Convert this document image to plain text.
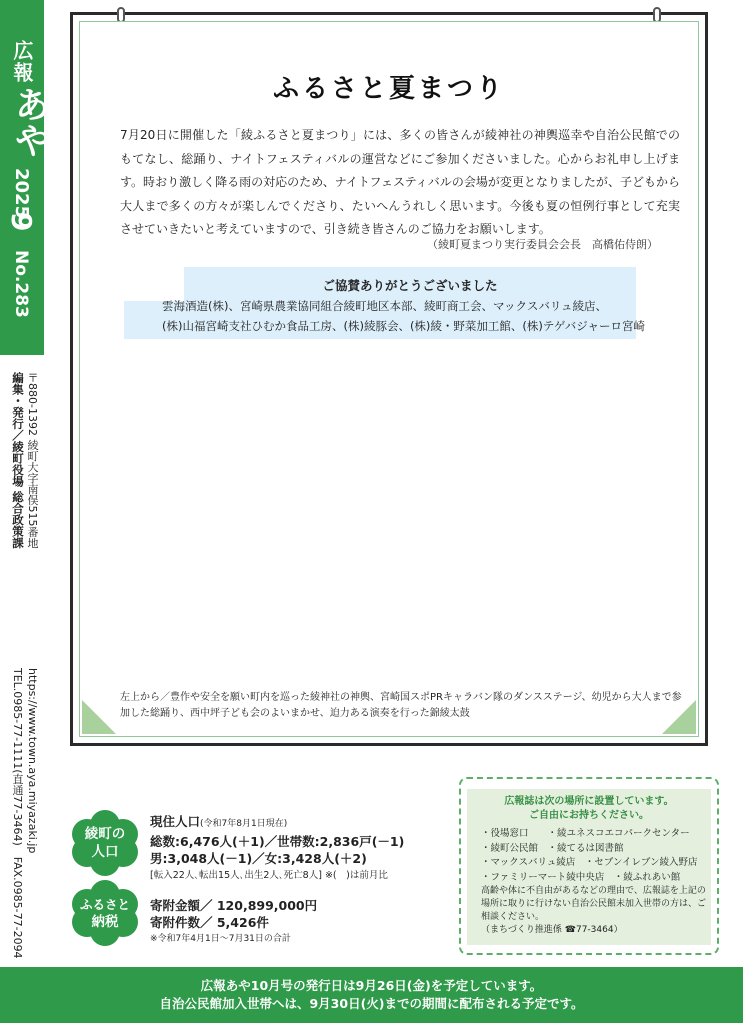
広報
あや
2025
9
No.283
編集・発行／綾町役場 総合政策課 〒880-1392 綾町大字南俣515番地
TEL.0985-77-1111(直通77-3464)　FAX.0985-77-2094 https://www.town.aya.miyazaki.jp
ふるさと夏まつり
7月20日に開催した「綾ふるさと夏まつり」には、多くの皆さんが綾神社の神輿巡幸や自治公民館でのもてなし、総踊り、ナイトフェスティバルの運営などにご参加くださいました。心からお礼申し上げます。時おり激しく降る雨の対応のため、ナイトフェスティバルの会場が変更となりましたが、子どもから大人まで多くの方々が楽しんでくださり、たいへんうれしく思います。今後も夏の恒例行事として充実させていきたいと考えていますので、引き続き皆さんのご協力をお願いします。
（綾町夏まつり実行委員会会長　高橋佑侍朗）
ご協賛ありがとうございました
雲海酒造(株)、宮崎県農業協同組合綾町地区本部、綾町商工会、マックスバリュ綾店、
(株)山福宮崎支社ひむか食品工房、(株)綾豚会、(株)綾・野菜加工館、(株)テゲバジャーロ宮崎
左上から／豊作や安全を願い町内を巡った綾神社の神輿、宮崎国スポPRキャラバン隊のダンスステージ、幼児から大人まで参加した総踊り、西中坪子ども会のよいまかせ、迫力ある演奏を行った錦綾太鼓
綾町の
人口
現住人口(令和7年8月1日現在)
総数:6,476人(＋1)／世帯数:2,836戸(－1)
男:3,048人(－1)／女:3,428人(＋2)
[転入22人､転出15人､出生2人､死亡8人] ※(　)は前月比
ふるさと
納税
寄附金額／ 120,899,000円
寄附件数／ 5,426件
※令和7年4月1日～7月31日の合計
広報誌は次の場所に設置しています。
ご自由にお持ちください。
・役場窓口　　・綾ユネスコエコパークセンター
・綾町公民館　・綾てるは図書館
・マックスバリュ綾店　・セブンイレブン綾入野店
・ファミリーマート綾中央店　・綾ふれあい館
高齢や体に不自由があるなどの理由で、広報誌を上記の場所に取りに行けない自治公民館未加入世帯の方は、ご相談ください。
（まちづくり推進係 ☎77-3464）
広報あや10月号の発行日は9月26日(金)を予定しています。
自治公民館加入世帯へは、9月30日(火)までの期間に配布される予定です。
